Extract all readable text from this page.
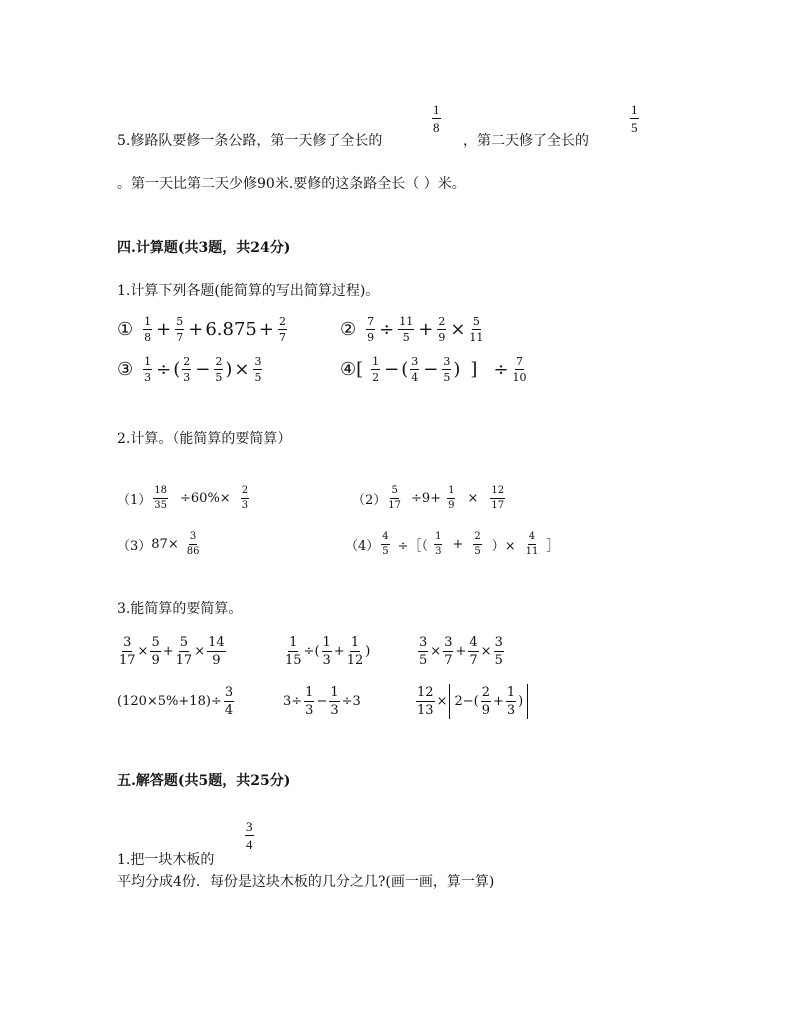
5.修路队要修一条公路，第一天修了全长的
$\frac{1}{8}$
，第二天修了全长的
$\frac{1}{5}$
。第一天比第二天少修90米.要修的这条路全长（ ）米。
四.计算题(共3题，共24分)
1.计算下列各题(能简算的写出简算过程)。
① $\frac{1}{8} + \frac{5}{7} + 6.875 + \frac{2}{7}$	② $\frac{7}{9} \div \frac{11}{5} + \frac{2}{9} \times \frac{5}{11}$
③ $\frac{1}{3}$ ÷ ( $\frac{2}{3} - \frac{2}{5}$ ) × $\frac{3}{5}$	④ [ $\frac{1}{2}$ − ( $\frac{3}{4} - \frac{3}{5}$ ) ] ÷ $\frac{7}{10}$
2.计算。（能简算的要简算）
$(1) \frac{18}{35} \div 60\%\times \frac{2}{3}$	$(2) \frac{5}{17} \div 9+ \frac{1}{9} \times \frac{12}{17}$
（3） $87\times \frac{3}{86}$	$(4) \frac{4}{5}$ ÷［（ $\frac{1}{3} + \frac{2}{5}$ ）× $\frac{4}{11}$ ］
3.能简算的要简算。
$\frac{3}{17} \times \frac{5}{9} + \frac{5}{17} \times \frac{14}{9}$	$\frac{1}{15}$ ÷( $\frac{1}{3} + \frac{1}{12}$ )	$\frac{3}{5} \times \frac{3}{7} + \frac{4}{7} \times \frac{3}{5}$
$(120\times 5\%+18)\div \frac{3}{4}$	$3\div \frac{1}{3} - \frac{1}{3} \div 3$	$\frac{12}{13} \times 2-( \frac{2}{9} + \frac{1}{3}$ )
五.解答题(共5题，共25分)
$\frac{3}{4}$
1.把一块木板的
平均分成4份．每份是这块木板的几分之几?(画一画，算一算)
